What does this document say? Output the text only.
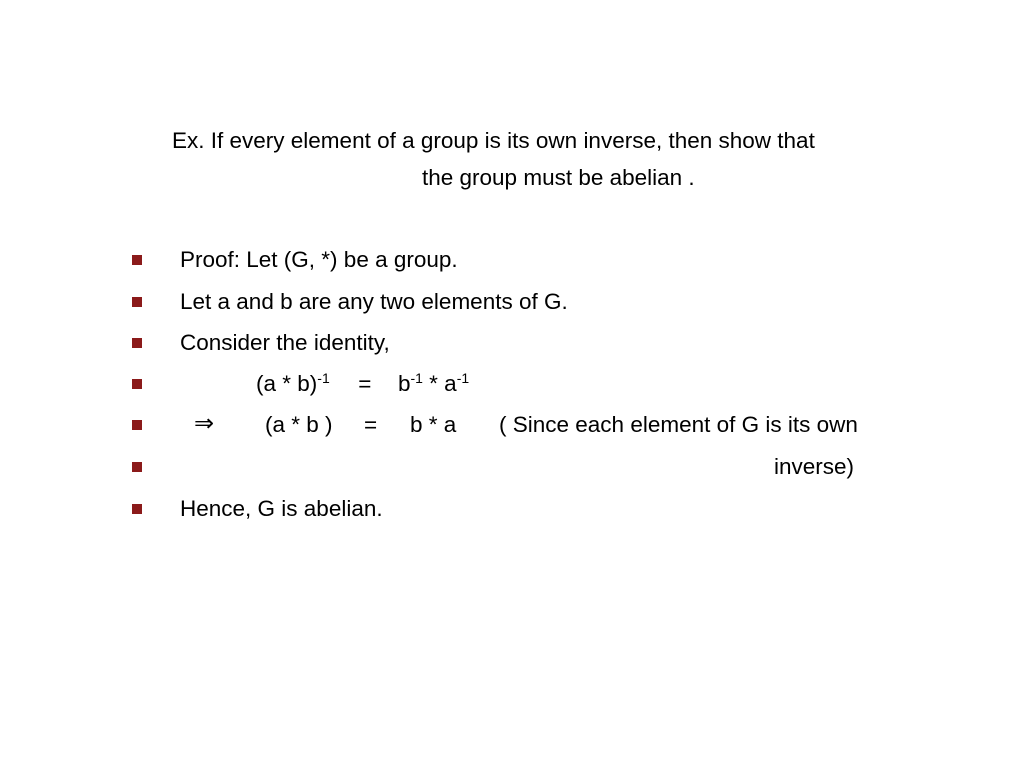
Ex. If every element of a group is its own inverse, then show that
the group must be abelian .
Proof: Let (G, *) be a group.
Let a and b are any two elements of G.
Consider the identity,
$(a * b)^{-1} = b^{-1} * a^{-1}$
⇒ (a * b ) = b * a ( Since each element of G is its own
inverse)
Hence, G is abelian.
